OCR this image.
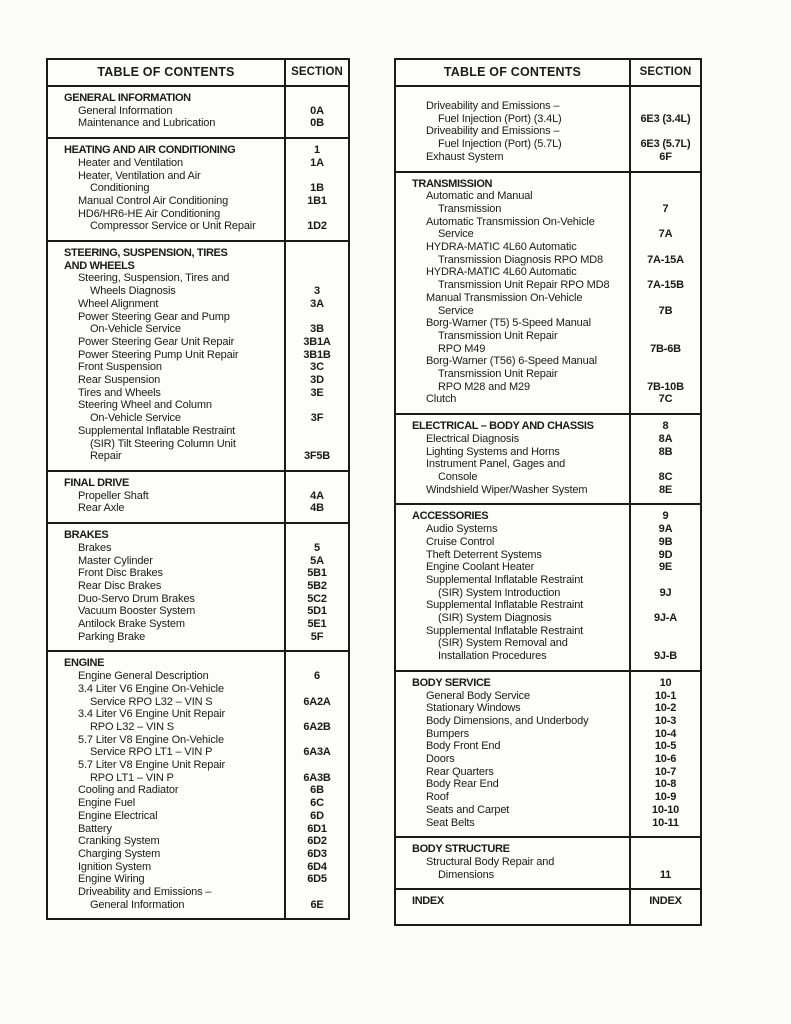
TABLE OF CONTENTS	SECTION
GENERAL INFORMATION
General Information	0A
Maintenance and Lubrication	0B
HEATING AND AIR CONDITIONING	1
Heater and Ventilation	1A
Heater, Ventilation and Air
Conditioning	1B
Manual Control Air Conditioning	1B1
HD6/HR6-HE Air Conditioning
Compressor Service or Unit Repair	1D2
STEERING, SUSPENSION, TIRES
AND WHEELS
Steering, Suspension, Tires and
Wheels Diagnosis	3
Wheel Alignment	3A
Power Steering Gear and Pump
On-Vehicle Service	3B
Power Steering Gear Unit Repair	3B1A
Power Steering Pump Unit Repair	3B1B
Front Suspension	3C
Rear Suspension	3D
Tires and Wheels	3E
Steering Wheel and Column
On-Vehicle Service	3F
Supplemental Inflatable Restraint
(SIR) Tilt Steering Column Unit
Repair	3F5B
FINAL DRIVE
Propeller Shaft	4A
Rear Axle	4B
BRAKES
Brakes	5
Master Cylinder	5A
Front Disc Brakes	5B1
Rear Disc Brakes	5B2
Duo-Servo Drum Brakes	5C2
Vacuum Booster System	5D1
Antilock Brake System	5E1
Parking Brake	5F
ENGINE
Engine General Description	6
3.4 Liter V6 Engine On-Vehicle
Service RPO L32 – VIN S	6A2A
3.4 Liter V6 Engine Unit Repair
RPO L32 – VIN S	6A2B
5.7 Liter V8 Engine On-Vehicle
Service RPO LT1 – VIN P	6A3A
5.7 Liter V8 Engine Unit Repair
RPO LT1 – VIN P	6A3B
Cooling and Radiator	6B
Engine Fuel	6C
Engine Electrical	6D
Battery	6D1
Cranking System	6D2
Charging System	6D3
Ignition System	6D4
Engine Wiring	6D5
Driveability and Emissions –
General Information	6E
TABLE OF CONTENTS	SECTION
Driveability and Emissions –
Fuel Injection (Port) (3.4L)	6E3 (3.4L)
Driveability and Emissions –
Fuel Injection (Port) (5.7L)	6E3 (5.7L)
Exhaust System	6F
TRANSMISSION
Automatic and Manual
Transmission	7
Automatic Transmission On-Vehicle
Service	7A
HYDRA-MATIC 4L60 Automatic
Transmission Diagnosis RPO MD8	7A-15A
HYDRA-MATIC 4L60 Automatic
Transmission Unit Repair RPO MD8	7A-15B
Manual Transmission On-Vehicle
Service	7B
Borg-Warner (T5) 5-Speed Manual
Transmission Unit Repair
RPO M49	7B-6B
Borg-Warner (T56) 6-Speed Manual
Transmission Unit Repair
RPO M28 and M29	7B-10B
Clutch	7C
ELECTRICAL – BODY AND CHASSIS	8
Electrical Diagnosis	8A
Lighting Systems and Horns	8B
Instrument Panel, Gages and
Console	8C
Windshield Wiper/Washer System	8E
ACCESSORIES	9
Audio Systems	9A
Cruise Control	9B
Theft Deterrent Systems	9D
Engine Coolant Heater	9E
Supplemental Inflatable Restraint
(SIR) System Introduction	9J
Supplemental Inflatable Restraint
(SIR) System Diagnosis	9J-A
Supplemental Inflatable Restraint
(SIR) System Removal and
Installation Procedures	9J-B
BODY SERVICE	10
General Body Service	10-1
Stationary Windows	10-2
Body Dimensions, and Underbody	10-3
Bumpers	10-4
Body Front End	10-5
Doors	10-6
Rear Quarters	10-7
Body Rear End	10-8
Roof	10-9
Seats and Carpet	10-10
Seat Belts	10-11
BODY STRUCTURE
Structural Body Repair and
Dimensions	11
INDEX	INDEX
